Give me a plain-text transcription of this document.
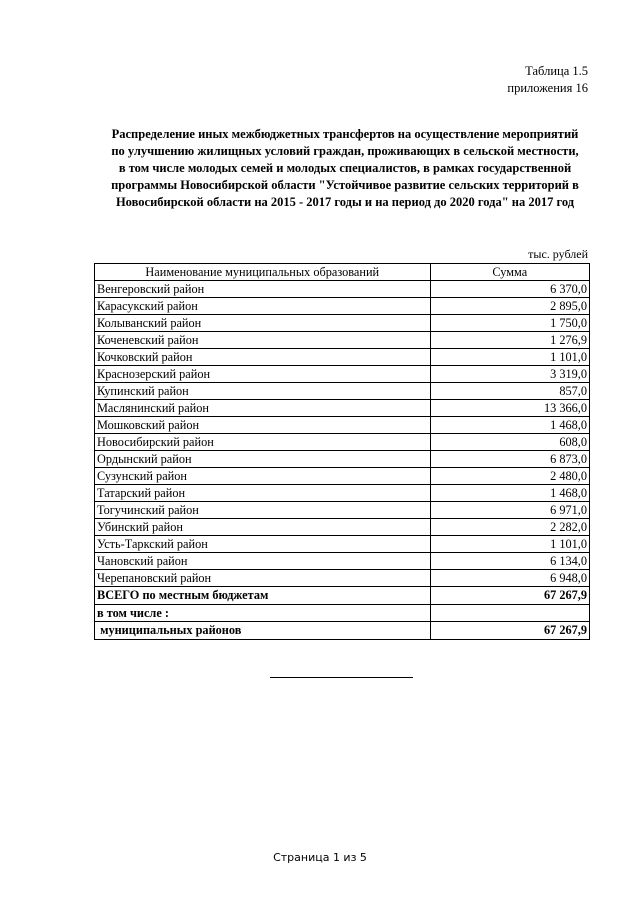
Таблица 1.5
приложения 16
Распределение иных межбюджетных трансфертов на осуществление мероприятий
по улучшению жилищных условий граждан, проживающих в сельской местности,
в том числе молодых семей и молодых специалистов, в рамках государственной
программы Новосибирской области "Устойчивое развитие сельских территорий в
Новосибирской области на 2015 - 2017 годы и на период до 2020 года" на 2017 год
тыс. рублей
Наименование муниципальных образований	Сумма
Венгеровский район	6 370,0
Карасукский район	2 895,0
Колыванский район	1 750,0
Коченевский район	1 276,9
Кочковский район	1 101,0
Краснозерский район	3 319,0
Купинский район	857,0
Маслянинский район	13 366,0
Мошковский район	1 468,0
Новосибирский район	608,0
Ордынский район	6 873,0
Сузунский район	2 480,0
Татарский район	1 468,0
Тогучинский район	6 971,0
Убинский район	2 282,0
Усть-Таркский район	1 101,0
Чановский район	6 134,0
Черепановский район	6 948,0
ВСЕГО по местным бюджетам	67 267,9
в том числе :	
муниципальных районов	67 267,9
Страница 1 из 5
